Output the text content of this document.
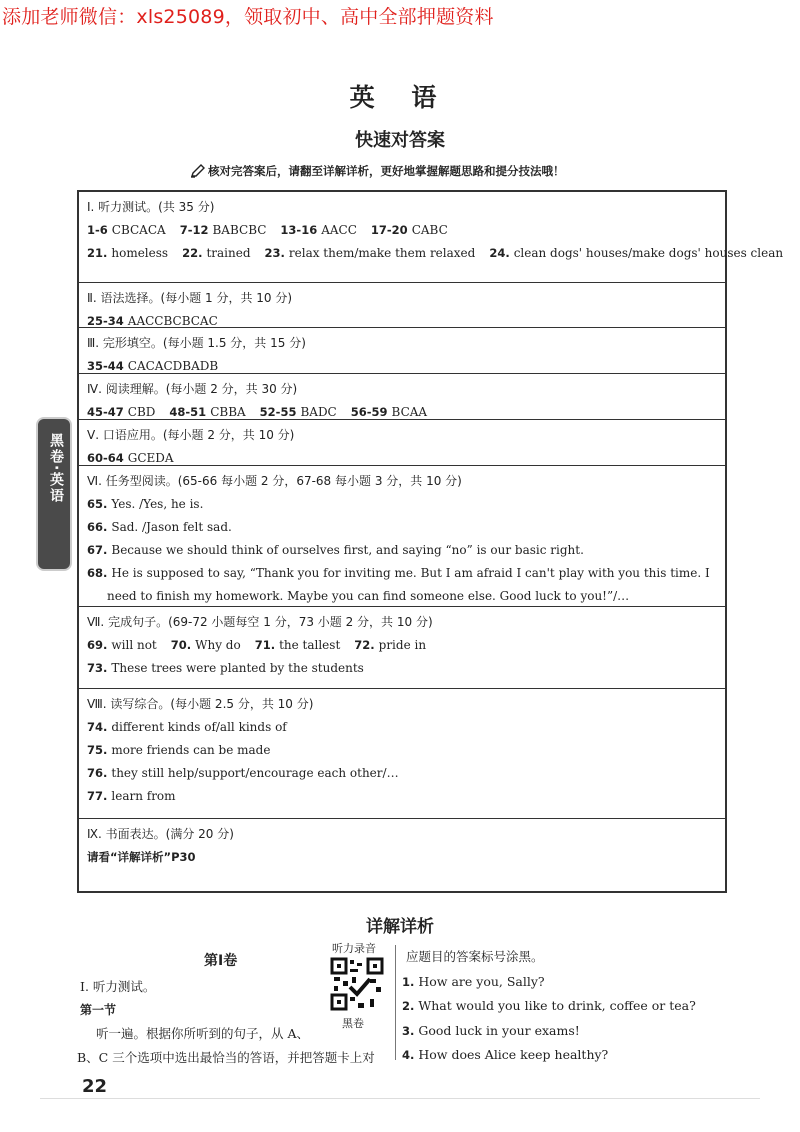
添加老师微信：xls25089，领取初中、高中全部押题资料
英 语
快速对答案
核对完答案后，请翻至详解详析，更好地掌握解题思路和提分技法哦！
黑卷·英语
Ⅰ. 听力测试。(共 35 分)
1-6 CBCACA 7-12 BABCBC 13-16 AACC 17-20 CABC
21. homeless 22. trained 23. relax them/make them relaxed 24. clean dogs' houses/make dogs' houses clean
Ⅱ. 语法选择。(每小题 1 分，共 10 分)
25-34 AACCBCBCAC
Ⅲ. 完形填空。(每小题 1.5 分，共 15 分)
35-44 CACACDBADB
Ⅳ. 阅读理解。(每小题 2 分，共 30 分)
45-47 CBD 48-51 CBBA 52-55 BADC 56-59 BCAA
Ⅴ. 口语应用。(每小题 2 分，共 10 分)
60-64 GCEDA
Ⅵ. 任务型阅读。(65-66 每小题 2 分，67-68 每小题 3 分，共 10 分)
65. Yes. /Yes, he is.
66. Sad. /Jason felt sad.
67. Because we should think of ourselves first, and saying “no” is our basic right.
68. He is supposed to say, “Thank you for inviting me. But I am afraid I can't play with you this time. I need to finish my homework. Maybe you can find someone else. Good luck to you!”/…
Ⅶ. 完成句子。(69-72 小题每空 1 分，73 小题 2 分，共 10 分)
69. will not 70. Why do 71. the tallest 72. pride in
73. These trees were planted by the students
Ⅷ. 读写综合。(每小题 2.5 分，共 10 分)
74. different kinds of/all kinds of
75. more friends can be made
76. they still help/support/encourage each other/…
77. learn from
Ⅸ. 书面表达。(满分 20 分)
请看“详解详析”P30
详解详析
第Ⅰ卷
听力录音
黑卷
Ⅰ. 听力测试。
第一节
听一遍。根据你所听到的句子，从 A、
B、C 三个选项中选出最恰当的答语，并把答题卡上对
应题目的答案标号涂黑。
1. How are you, Sally?
2. What would you like to drink, coffee or tea?
3. Good luck in your exams!
4. How does Alice keep healthy?
22
